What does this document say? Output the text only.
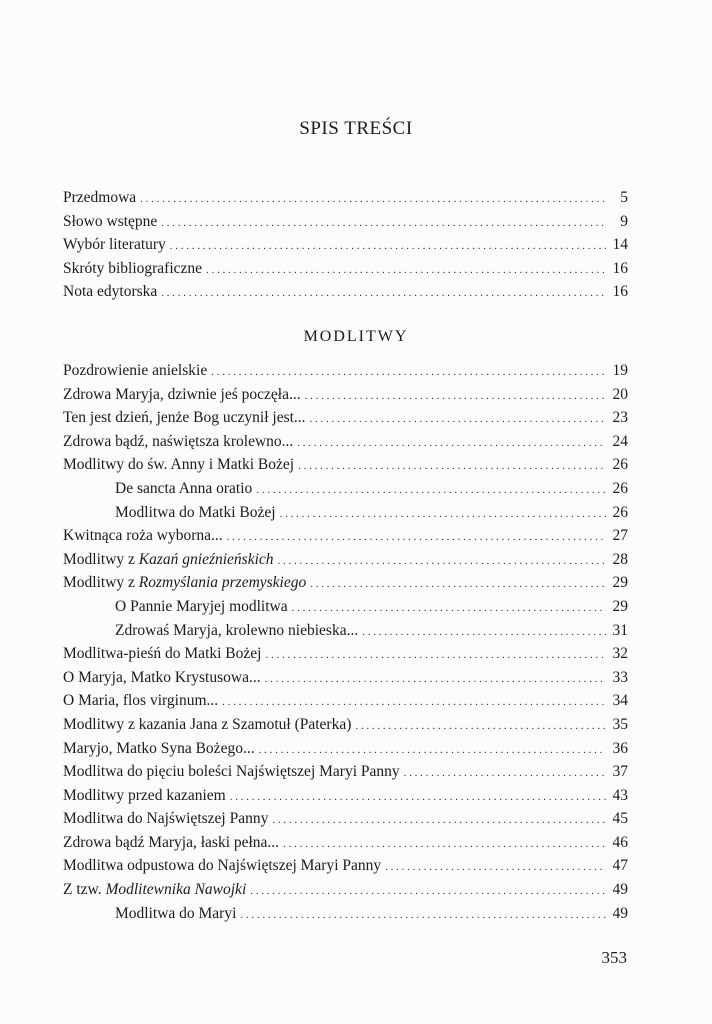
SPIS TREŚCI
Przedmowa . . .	5
Słowo wstępne . . .	9
Wybór literatury . . .	14
Skróty bibliograficzne . . .	16
Nota edytorska . . .	16
MODLITWY
Pozdrowienie anielskie . . .	19
Zdrowa Maryja, dziwnie jeś poczęła... . . .	20
Ten jest dzień, jenże Bog uczynił jest... . . .	23
Zdrowa bądź, naświętsza krolewno... . . .	24
Modlitwy do św. Anny i Matki Bożej . . .	26
De sancta Anna oratio . . .	26
Modlitwa do Matki Bożej . . .	26
Kwitnąca roża wyborna... . . .	27
Modlitwy z Kazań gnieźnieńskich . . .	28
Modlitwy z Rozmyślania przemyskiego . . .	29
O Pannie Maryjej modlitwa . . .	29
Zdrowaś Maryja, krolewno niebieska... . . .	31
Modlitwa-pieśń do Matki Bożej . . .	32
O Maryja, Matko Krystusowa... . . .	33
O Maria, flos virginum... . . .	34
Modlitwy z kazania Jana z Szamotuł (Paterka) . . .	35
Maryjo, Matko Syna Bożego... . . .	36
Modlitwa do pięciu boleści Najświętszej Maryi Panny . . .	37
Modlitwy przed kazaniem . . .	43
Modlitwa do Najświętszej Panny . . .	45
Zdrowa bądź Maryja, łaski pełna... . . .	46
Modlitwa odpustowa do Najświętszej Maryi Panny . . .	47
Z tzw. Modlitewnika Nawojki . . .	49
Modlitwa do Maryi . . .	49
353
